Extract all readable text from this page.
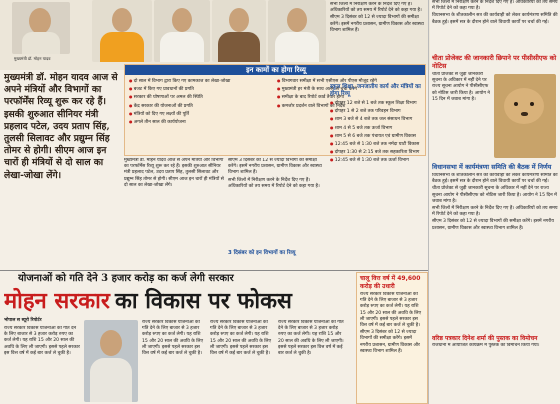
मुख्यमंत्री डॉ. मोहन यादव
मुख्यमंत्री डॉ. मोहन यादव आज से अपने मंत्रियों और विभागों का परफॉर्मेंस रिव्यू शुरू कर रहे हैं। इसकी शुरुआत सीनियर मंत्री प्रहलाद पटेल, उदय प्रताप सिंह, तुलसी सिलावट और प्रद्युम्न सिंह तोमर से होगी। सीएम आज इन चारों ही मंत्रियों से दो साल का लेखा-जोखा लेंगे।
इन कामों का होगा रिव्यू

● दो साल में विभाग द्वारा किए गए कामकाज का लेखा-जोखा

● बजट में किए गए प्रावधानों की प्रगति

● सरकार की घोषणाओं पर अमल की स्थिति

● केंद्र सरकार की योजनाओं की प्रगति

● मंत्रियों को दिए गए लक्ष्यों की पूर्ति

● अगले तीन साल की कार्ययोजना

● विभागवार समीक्षा में सभी एसीएस और पीएस मौजूद रहेंगे

● मुख्यमंत्री हर मंत्री के साथ अलग से चर्चा करेंगे

● समीक्षा के बाद रिपोर्ट कार्ड तैयार होगा

● कमजोर प्रदर्शन वाले विभागों को निर्देश

मुख्यमंत्री डॉ. मोहन यादव आज से अपने मंत्रियों और विभागों का परफॉर्मेंस रिव्यू शुरू कर रहे हैं। इसकी शुरुआत सीनियर मंत्री प्रहलाद पटेल, उदय प्रताप सिंह, तुलसी सिलावट और प्रद्युम्न सिंह तोमर से होगी। सीएम आज इन चारों ही मंत्रियों से दो साल का लेखा-जोखा लेंगे।

सीएम 3 दिसंबर को 12 से ज्यादा विभागों की समीक्षा करेंगे। इसमें नगरीय प्रशासन, ग्रामीण विकास और स्वास्थ्य विभाग शामिल हैं।

सभी जिलों में निरीक्षण करने के निर्देश दिए गए हैं। अधिकारियों को तय समय में रिपोर्ट देने को कहा गया है।

3 दिसंबर को इन विभागों का रिव्यू

सभी जिलों में निरीक्षण करने के निर्देश दिए गए हैं। अधिकारियों को तय समय में रिपोर्ट देने को कहा गया है।

सीएम 3 दिसंबर को 12 से ज्यादा विभागों की समीक्षा करेंगे। इसमें नगरीय प्रशासन, ग्रामीण विकास और स्वास्थ्य विभाग शामिल हैं।

स्कूल शिक्षा, जनजातीय कार्य और मंत्रियों का होगा रिव्यू

● दोपहर 12 बजे से 1 बजे तक स्कूल शिक्षा विभाग

● दोपहर 1 से 2 बजे तक परिवहन विभाग

● शाम 3 बजे से 4 बजे तक जल संसाधन विभाग

● शाम 4 से 5 बजे तक ऊर्जा विभाग

● शाम 5 से 6 बजे तक पंचायत एवं ग्रामीण विकास

● 12:45 बजे से 1:30 बजे तक नर्मदा घाटी विकास

● दोपहर 1:30 से 2:15 बजे तक सहकारिता विभाग

● 12:45 बजे से 1:30 बजे तक ऊर्जा विभाग

सभी जिलों में निरीक्षण करने के निर्देश दिए गए हैं। अधिकारियों को तय समय में रिपोर्ट देने को कहा गया है।

विधानसभा के शीतकालीन सत्र की कार्यवाही को लेकर कार्यमंत्रणा समिति की बैठक हुई। इसमें सत्र के दौरान होने वाले विधायी कार्यों पर चर्चा की गई।

चीता प्रोजेक्ट की जानकारी छिपाने पर पीसीसीएफ को नोटिस

चीता प्रोजेक्ट से जुड़ी जानकारी सूचना के अधिकार में नहीं देने पर राज्य सूचना आयोग ने पीसीसीएफ को नोटिस जारी किया है। आयोग ने 15 दिन में जवाब मांगा है।

विधानसभा में कार्यमंत्रणा समिति की बैठक में निर्णय

विधानसभा के शीतकालीन सत्र की कार्यवाही को लेकर कार्यमंत्रणा समिति की बैठक हुई। इसमें सत्र के दौरान होने वाले विधायी कार्यों पर चर्चा की गई।

चीता प्रोजेक्ट से जुड़ी जानकारी सूचना के अधिकार में नहीं देने पर राज्य सूचना आयोग ने पीसीसीएफ को नोटिस जारी किया है। आयोग ने 15 दिन में जवाब मांगा है।

सभी जिलों में निरीक्षण करने के निर्देश दिए गए हैं। अधिकारियों को तय समय में रिपोर्ट देने को कहा गया है।

सीएम 3 दिसंबर को 12 से ज्यादा विभागों की समीक्षा करेंगे। इसमें नगरीय प्रशासन, ग्रामीण विकास और स्वास्थ्य विभाग शामिल हैं।

वरिष्ठ पत्रकार दिनेश शर्मा की पुस्तक का विमोचन

राजधानी में आयोजित कार्यक्रम में पुस्तक का विमोचन किया गया।

योजनाओं को गति देने 3 हजार करोड़ का कर्ज लेगी सरकार
मोहन सरकार का विकास पर फोकस
भोपाल स ब्यूरो रिपोर्टर

राज्य सरकार विकास योजनाओं को गति देने के लिए बाजार से 3 हजार करोड़ रुपए का कर्ज लेगी। यह राशि 15 और 20 साल की अवधि के लिए ली जाएगी। इससे पहले सरकार इस वित्त वर्ष में कई बार कर्ज ले चुकी है।

राज्य सरकार विकास योजनाओं को गति देने के लिए बाजार से 3 हजार करोड़ रुपए का कर्ज लेगी। यह राशि 15 और 20 साल की अवधि के लिए ली जाएगी। इससे पहले सरकार इस वित्त वर्ष में कई बार कर्ज ले चुकी है।

राज्य सरकार विकास योजनाओं को गति देने के लिए बाजार से 3 हजार करोड़ रुपए का कर्ज लेगी। यह राशि 15 और 20 साल की अवधि के लिए ली जाएगी। इससे पहले सरकार इस वित्त वर्ष में कई बार कर्ज ले चुकी है।

राज्य सरकार विकास योजनाओं को गति देने के लिए बाजार से 3 हजार करोड़ रुपए का कर्ज लेगी। यह राशि 15 और 20 साल की अवधि के लिए ली जाएगी। इससे पहले सरकार इस वित्त वर्ष में कई बार कर्ज ले चुकी है।

चालू वित्त वर्ष में 49,600 करोड़ की उधारी

राज्य सरकार विकास योजनाओं को गति देने के लिए बाजार से 3 हजार करोड़ रुपए का कर्ज लेगी। यह राशि 15 और 20 साल की अवधि के लिए ली जाएगी। इससे पहले सरकार इस वित्त वर्ष में कई बार कर्ज ले चुकी है।

सीएम 3 दिसंबर को 12 से ज्यादा विभागों की समीक्षा करेंगे। इसमें नगरीय प्रशासन, ग्रामीण विकास और स्वास्थ्य विभाग शामिल हैं।
